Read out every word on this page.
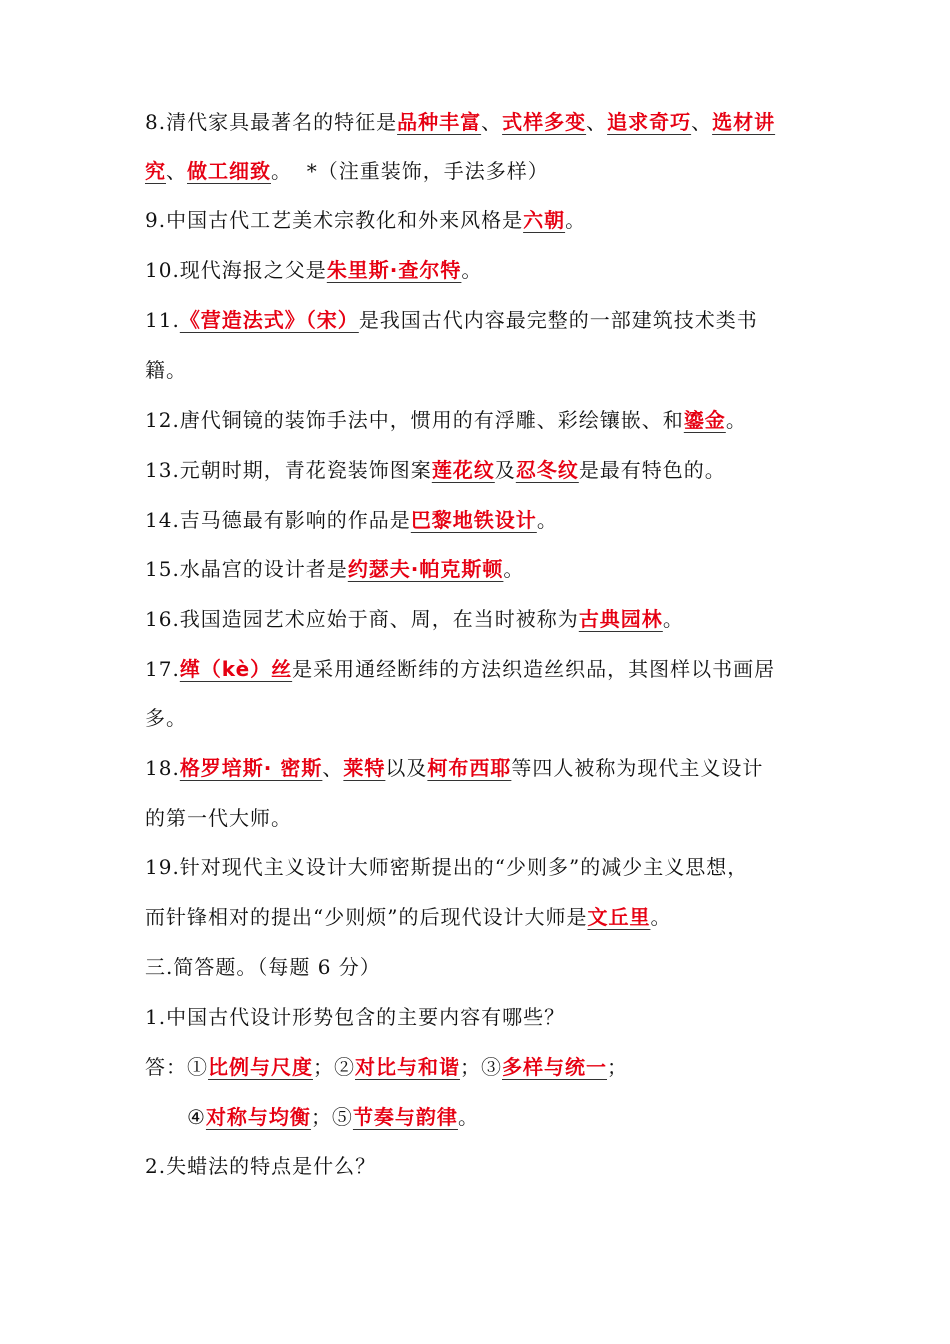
8.清代家具最著名的特征是品种丰富、式样多变、追求奇巧、选材讲
究、做工细致。  *（注重装饰，手法多样）
9.中国古代工艺美术宗教化和外来风格是六朝。
10.现代海报之父是朱里斯·查尔特。
11.《营造法式》（宋）是我国古代内容最完整的一部建筑技术类书
籍。
12.唐代铜镜的装饰手法中，惯用的有浮雕、彩绘镶嵌、和鎏金。
13.元朝时期，青花瓷装饰图案莲花纹及忍冬纹是最有特色的。
14.吉马德最有影响的作品是巴黎地铁设计。
15.水晶宫的设计者是约瑟夫·帕克斯顿。
16.我国造园艺术应始于商、周，在当时被称为古典园林。
17.缂（kè）丝是采用通经断纬的方法织造丝织品，其图样以书画居
多。
18.格罗培斯· 密斯、莱特以及柯布西耶等四人被称为现代主义设计
的第一代大师。
19.针对现代主义设计大师密斯提出的“少则多”的减少主义思想，
而针锋相对的提出“少则烦”的后现代设计大师是文丘里。
三.简答题。（每题 6 分）
1.中国古代设计形势包含的主要内容有哪些？
答：①比例与尺度；②对比与和谐；③多样与统一；
④对称与均衡；⑤节奏与韵律。
2.失蜡法的特点是什么？
